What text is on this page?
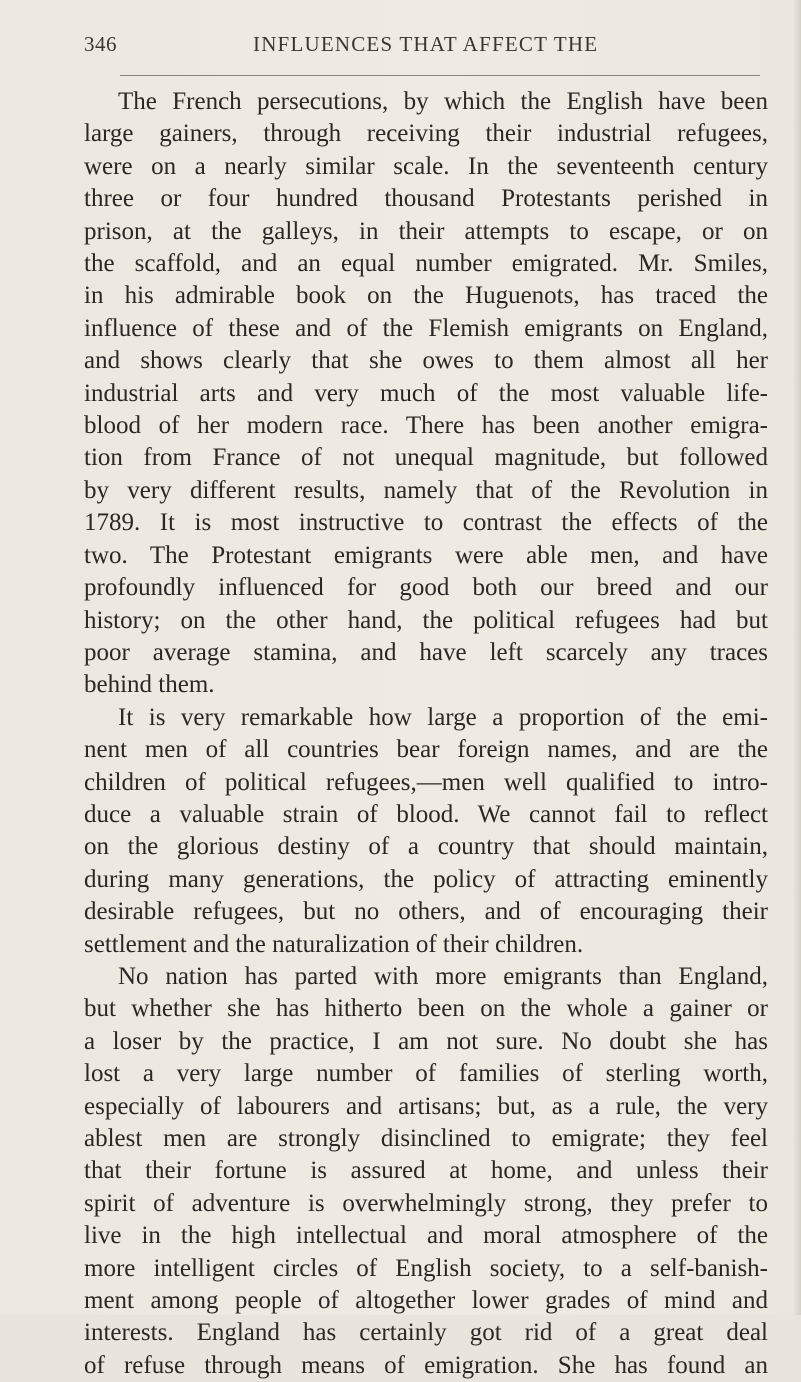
346	INFLUENCES THAT AFFECT THE
The French persecutions, by which the English have been
large gainers, through receiving their industrial refugees,
were on a nearly similar scale. In the seventeenth century
three or four hundred thousand Protestants perished in
prison, at the galleys, in their attempts to escape, or on
the scaffold, and an equal number emigrated. Mr. Smiles,
in his admirable book on the Huguenots, has traced the
influence of these and of the Flemish emigrants on England,
and shows clearly that she owes to them almost all her
industrial arts and very much of the most valuable life-
blood of her modern race. There has been another emigra-
tion from France of not unequal magnitude, but followed
by very different results, namely that of the Revolution in
1789. It is most instructive to contrast the effects of the
two. The Protestant emigrants were able men, and have
profoundly influenced for good both our breed and our
history; on the other hand, the political refugees had but
poor average stamina, and have left scarcely any traces
behind them.
It is very remarkable how large a proportion of the emi-
nent men of all countries bear foreign names, and are the
children of political refugees,—men well qualified to intro-
duce a valuable strain of blood. We cannot fail to reflect
on the glorious destiny of a country that should maintain,
during many generations, the policy of attracting eminently
desirable refugees, but no others, and of encouraging their
settlement and the naturalization of their children.
No nation has parted with more emigrants than England,
but whether she has hitherto been on the whole a gainer or
a loser by the practice, I am not sure. No doubt she has
lost a very large number of families of sterling worth,
especially of labourers and artisans; but, as a rule, the very
ablest men are strongly disinclined to emigrate; they feel
that their fortune is assured at home, and unless their
spirit of adventure is overwhelmingly strong, they prefer to
live in the high intellectual and moral atmosphere of the
more intelligent circles of English society, to a self-banish-
ment among people of altogether lower grades of mind and
interests. England has certainly got rid of a great deal
of refuse through means of emigration. She has found an
